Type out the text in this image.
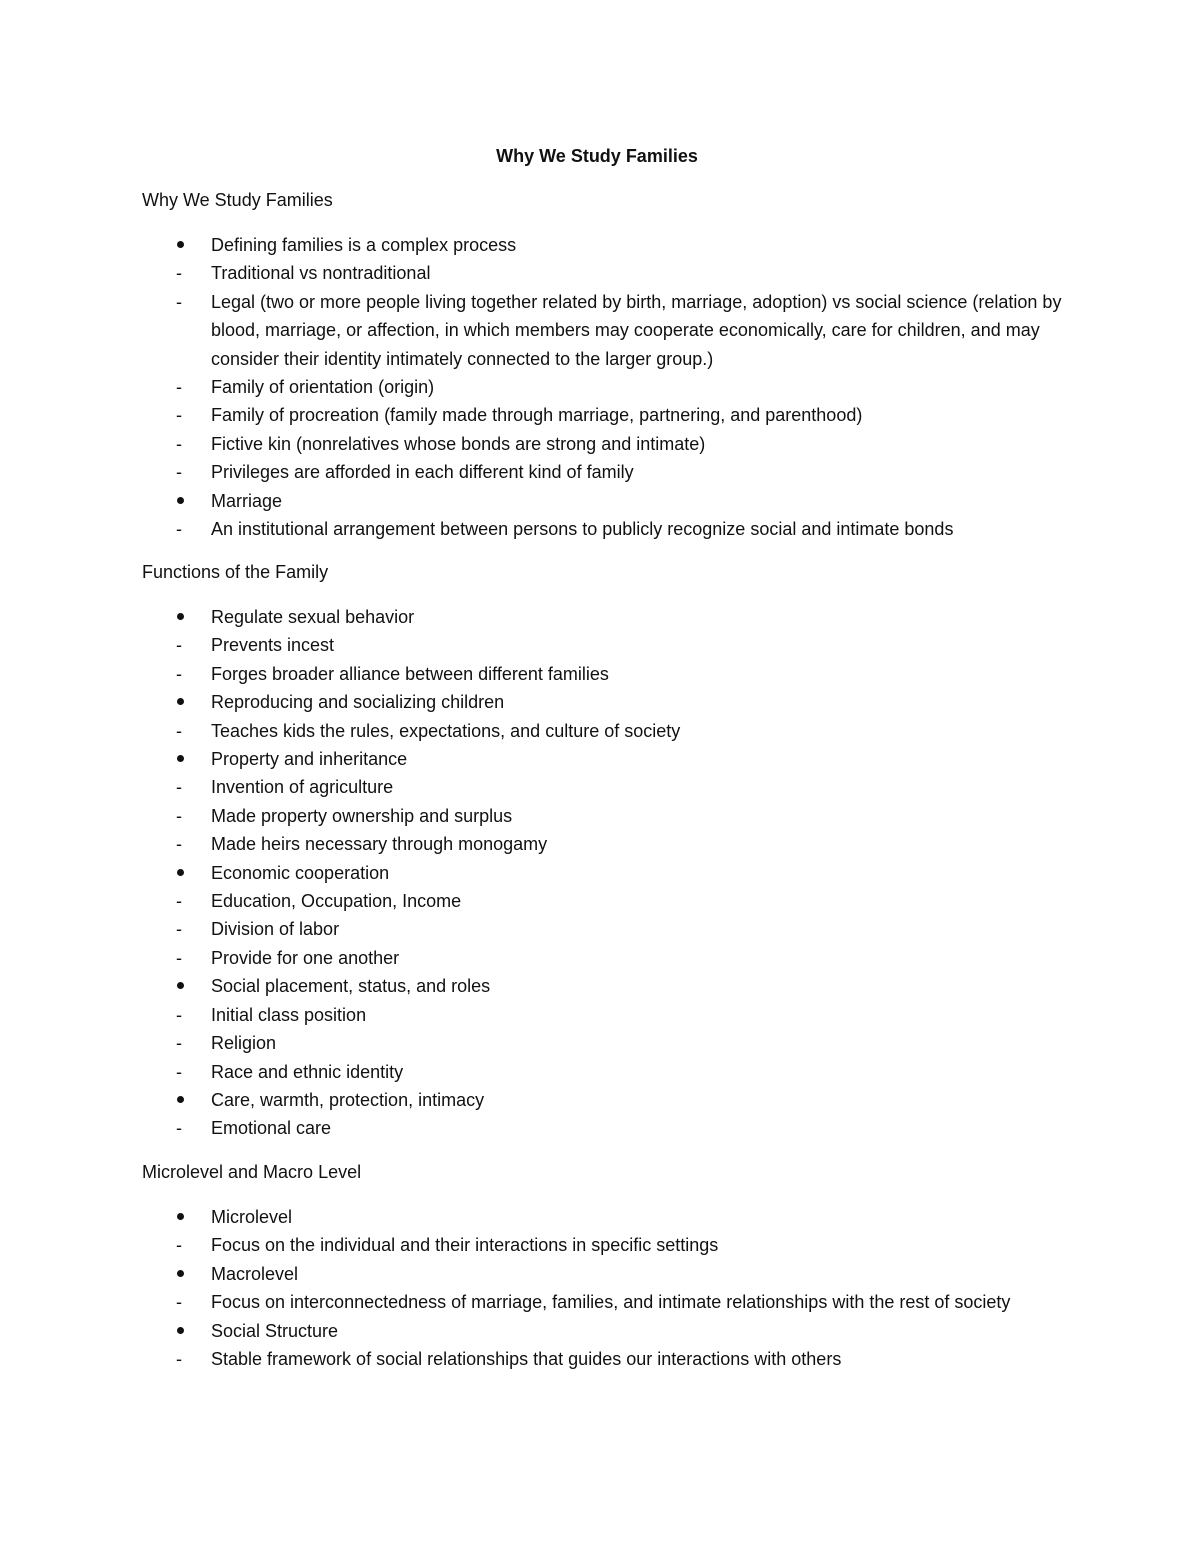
Why We Study Families
Why We Study Families
Defining families is a complex process
Traditional vs nontraditional
Legal (two or more people living together related by birth, marriage, adoption) vs social science (relation by blood, marriage, or affection, in which members may cooperate economically, care for children, and may consider their identity intimately connected to the larger group.)
Family of orientation (origin)
Family of procreation (family made through marriage, partnering, and parenthood)
Fictive kin (nonrelatives whose bonds are strong and intimate)
Privileges are afforded in each different kind of family
Marriage
An institutional arrangement between persons to publicly recognize social and intimate bonds
Functions of the Family
Regulate sexual behavior
Prevents incest
Forges broader alliance between different families
Reproducing and socializing children
Teaches kids the rules, expectations, and culture of society
Property and inheritance
Invention of agriculture
Made property ownership and surplus
Made heirs necessary through monogamy
Economic cooperation
Education, Occupation, Income
Division of labor
Provide for one another
Social placement, status, and roles
Initial class position
Religion
Race and ethnic identity
Care, warmth, protection, intimacy
Emotional care
Microlevel and Macro Level
Microlevel
Focus on the individual and their interactions in specific settings
Macrolevel
Focus on interconnectedness of marriage, families, and intimate relationships with the rest of society
Social Structure
Stable framework of social relationships that guides our interactions with others
